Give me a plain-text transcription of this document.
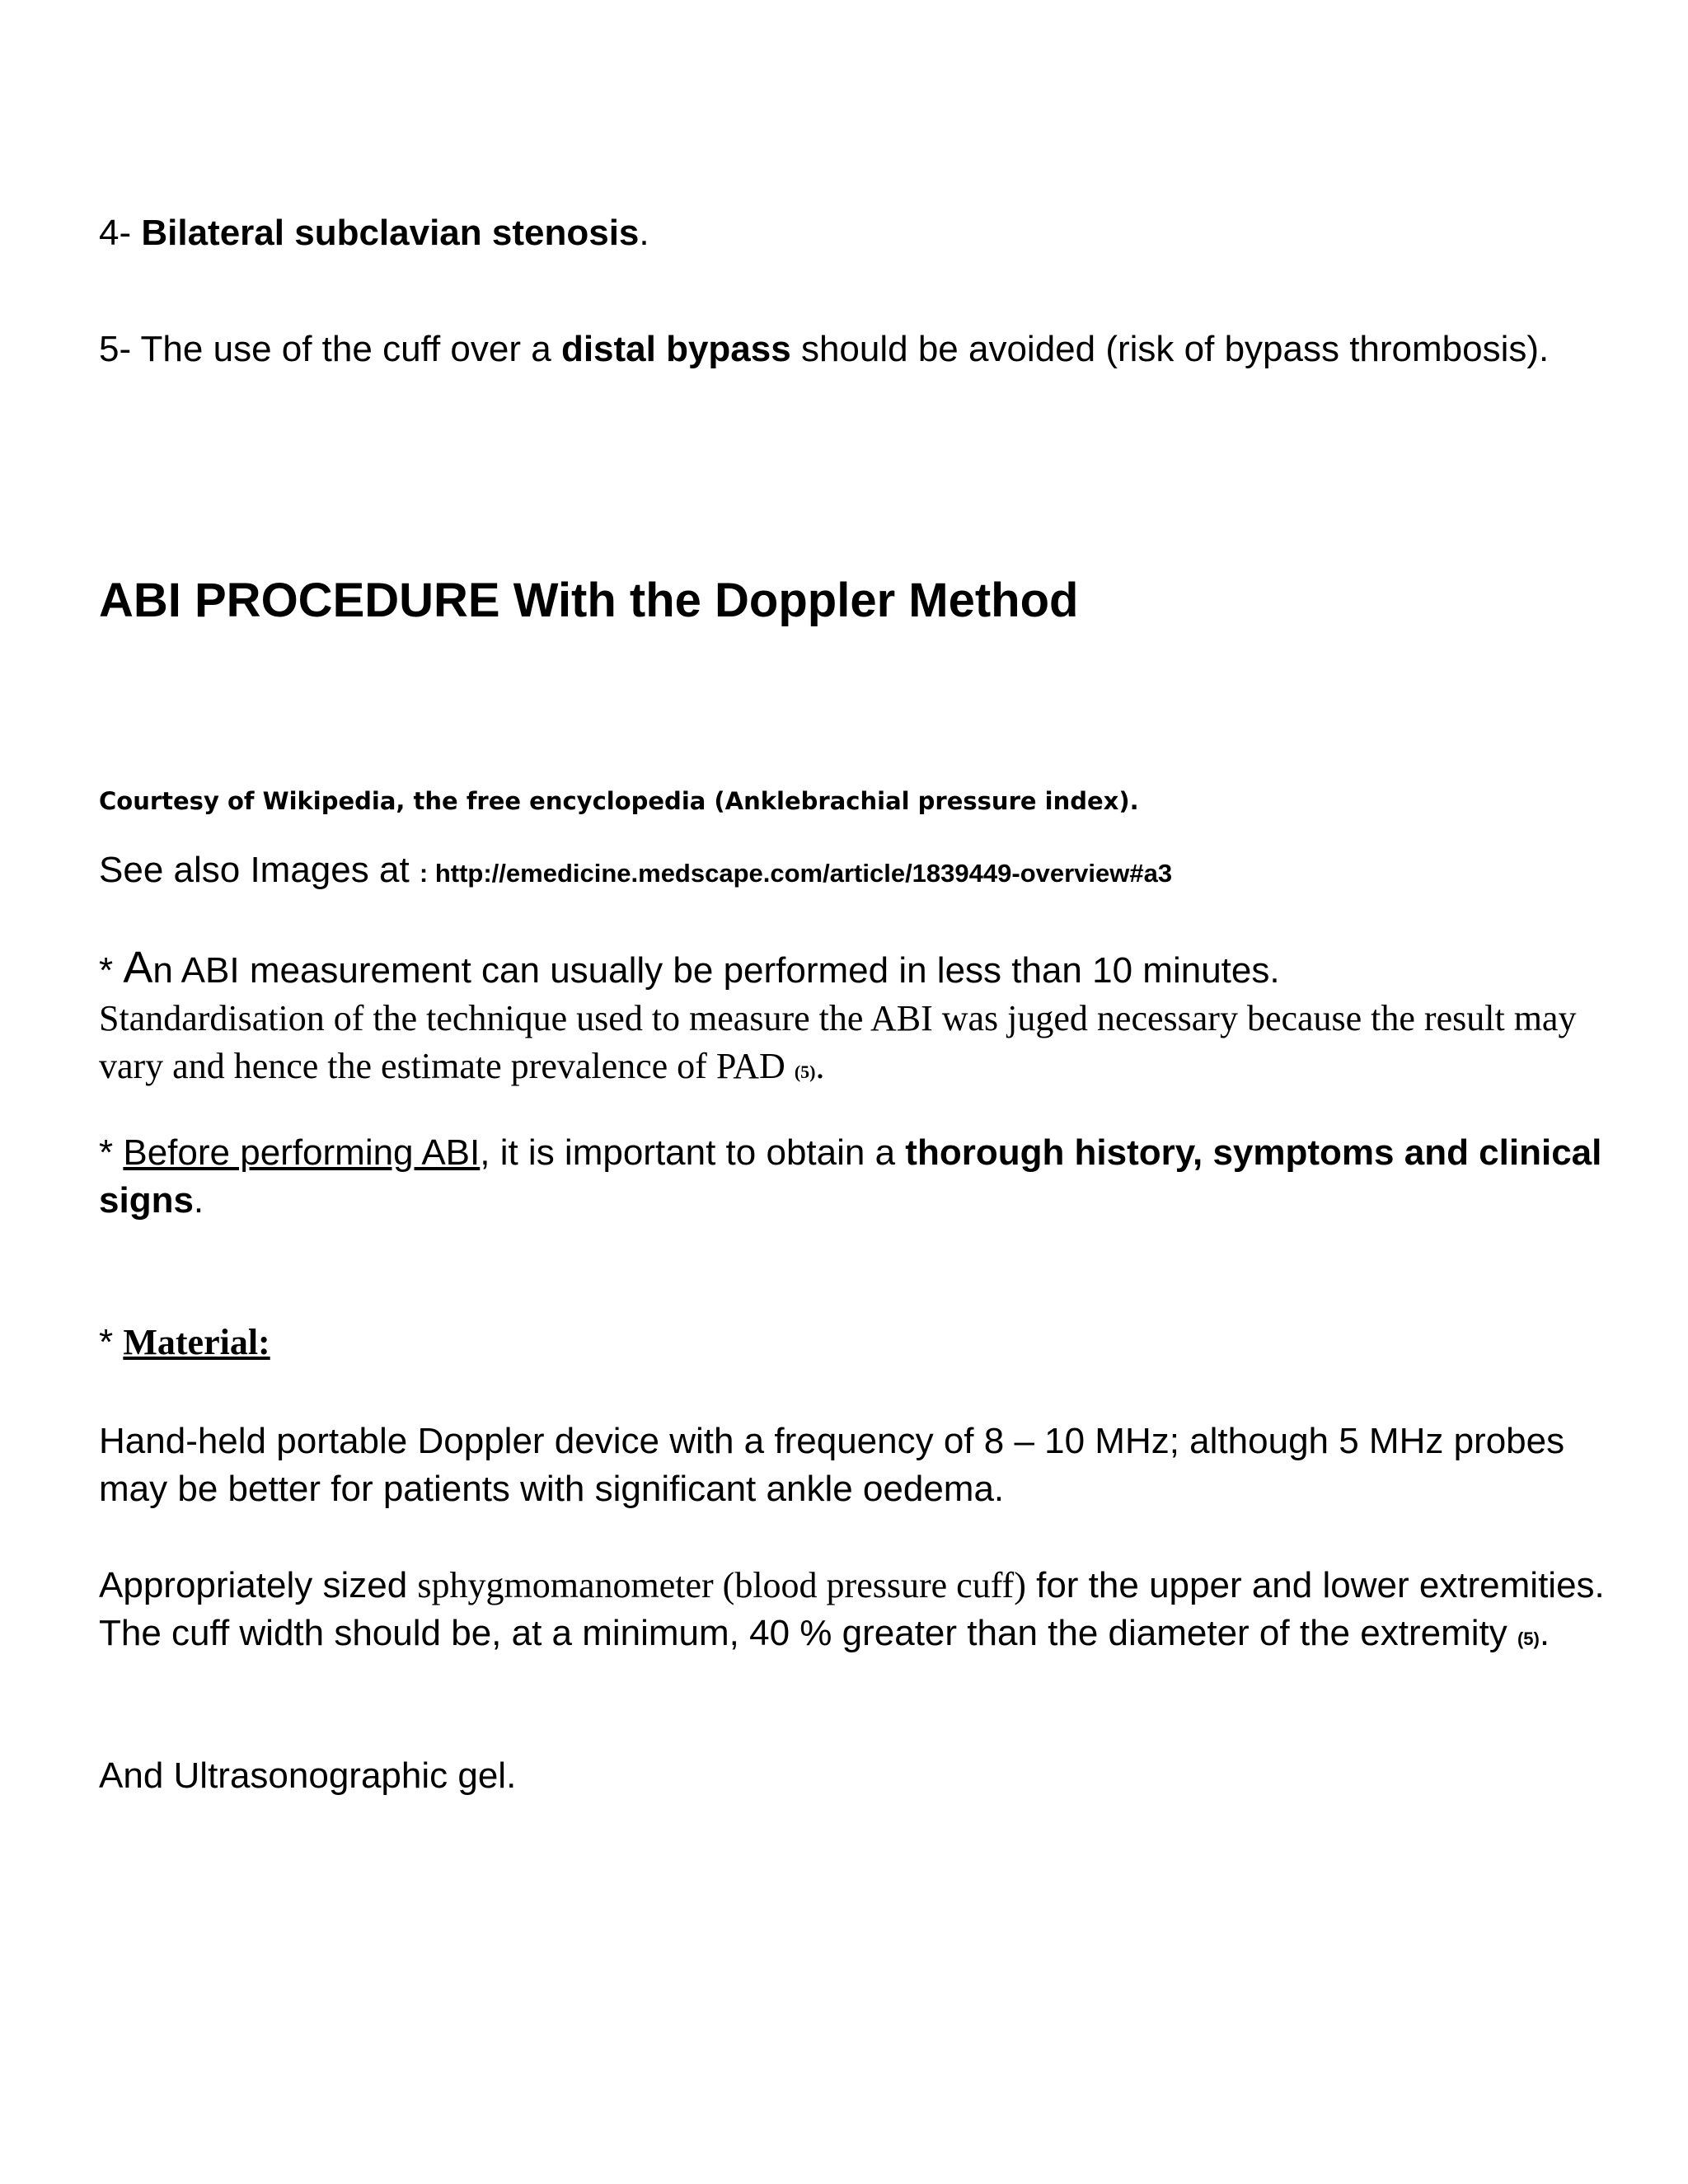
4- Bilateral subclavian stenosis.

5- The use of the cuff over a distal bypass should be avoided (risk of bypass thrombosis).

ABI PROCEDURE With the Doppler Method

Courtesy of Wikipedia, the free encyclopedia (Anklebrachial pressure index).

See also Images at : http://emedicine.medscape.com/article/1839449-overview#a3

* An ABI measurement can usually be performed in less than 10 minutes.
Standardisation of the technique used to measure the ABI was juged necessary because the result may vary and hence the estimate prevalence of PAD (5).

* Before performing ABI, it is important to obtain a thorough history, symptoms and clinical signs.

* Material:

Hand-held portable Doppler device with a frequency of 8 – 10 MHz; although 5 MHz probes may be better for patients with significant ankle oedema.

Appropriately sized sphygmomanometer (blood pressure cuff) for the upper and lower extremities. The cuff width should be, at a minimum, 40 % greater than the diameter of the extremity (5).

And Ultrasonographic gel.
